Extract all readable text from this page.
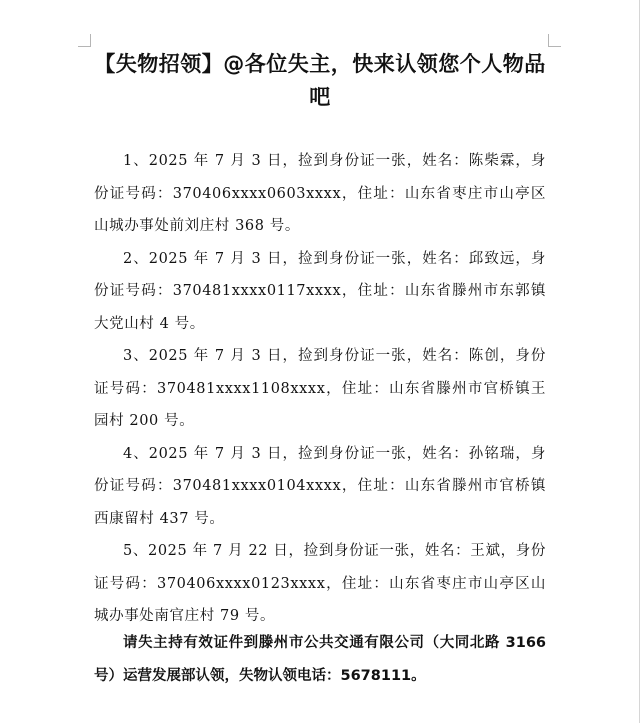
【失物招领】@各位失主，快来认领您个人物品吧

1、2025 年 7 月 3 日，捡到身份证一张，姓名：陈柴霖，身份证号码：370406xxxx0603xxxx，住址：山东省枣庄市山亭区山城办事处前刘庄村 368 号。

2、2025 年 7 月 3 日，捡到身份证一张，姓名：邱致远，身份证号码：370481xxxx0117xxxx，住址：山东省滕州市东郭镇大党山村 4 号。

3、2025 年 7 月 3 日，捡到身份证一张，姓名：陈创，身份证号码：370481xxxx1108xxxx，住址：山东省滕州市官桥镇王园村 200 号。

4、2025 年 7 月 3 日，捡到身份证一张，姓名：孙铭瑞，身份证号码：370481xxxx0104xxxx，住址：山东省滕州市官桥镇西康留村 437 号。

5、2025 年 7 月 22 日，捡到身份证一张，姓名：王斌，身份证号码：370406xxxx0123xxxx，住址：山东省枣庄市山亭区山城办事处南官庄村 79 号。

请失主持有效证件到滕州市公共交通有限公司（大同北路 3166 号）运营发展部认领，失物认领电话：5678111。
